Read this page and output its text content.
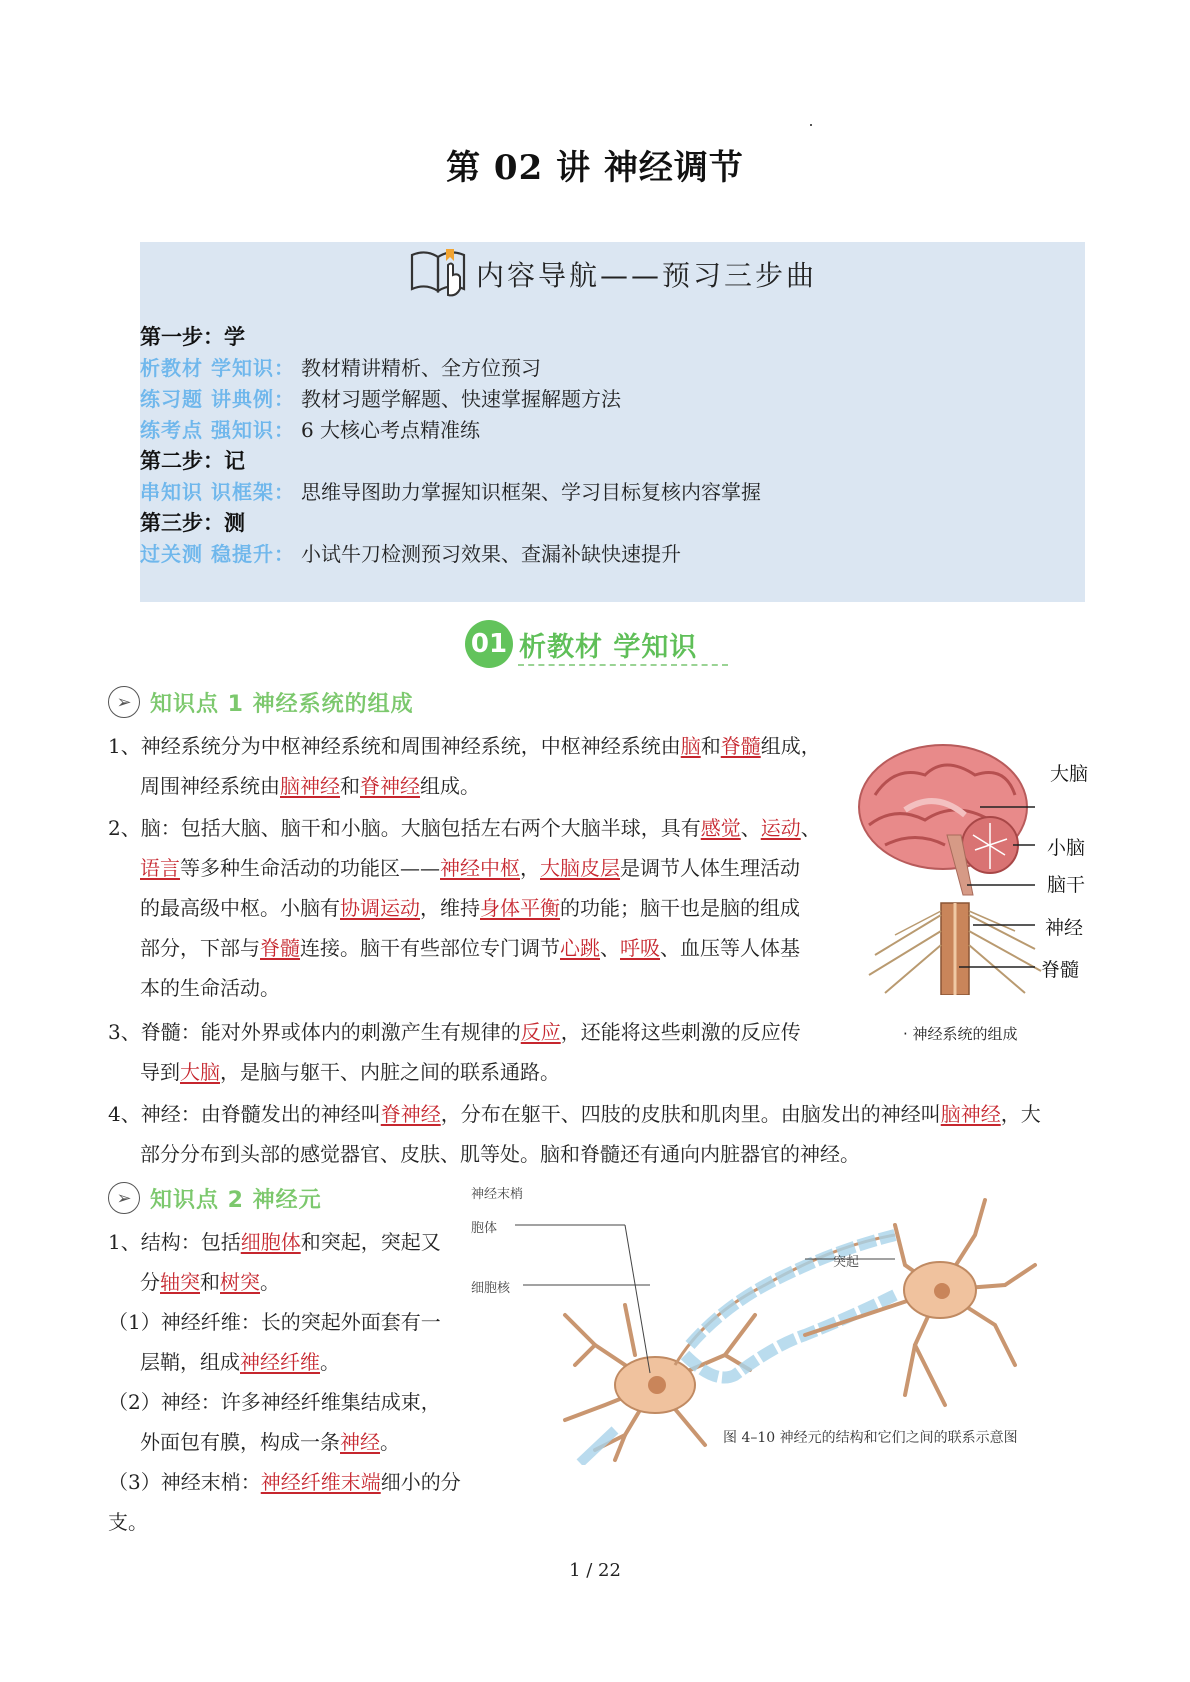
第 02 讲 神经调节
内容导航——预习三步曲
第一步：学
析教材 学知识： 教材精讲精析、全方位预习
练习题 讲典例： 教材习题学解题、快速掌握解题方法
练考点 强知识： 6 大核心考点精准练
第二步：记
串知识 识框架： 思维导图助力掌握知识框架、学习目标复核内容掌握
第三步：测
过关测 稳提升： 小试牛刀检测预习效果、查漏补缺快速提升
01 析教材 学知识
➢ 知识点 1 神经系统的组成
1、神经系统分为中枢神经系统和周围神经系统，中枢神经系统由脑和脊髓组成，
周围神经系统由脑神经和脊神经组成。
2、脑：包括大脑、脑干和小脑。大脑包括左右两个大脑半球，具有感觉、运动、
语言等多种生命活动的功能区——神经中枢，大脑皮层是调节人体生理活动
的最高级中枢。小脑有协调运动，维持身体平衡的功能；脑干也是脑的组成
部分，下部与脊髓连接。脑干有些部位专门调节心跳、呼吸、血压等人体基
本的生命活动。
3、脊髓：能对外界或体内的刺激产生有规律的反应，还能将这些刺激的反应传
导到大脑，是脑与躯干、内脏之间的联系通路。
4、神经：由脊髓发出的神经叫脊神经，分布在躯干、四肢的皮肤和肌肉里。由脑发出的神经叫脑神经，大
部分分布到头部的感觉器官、皮肤、肌等处。脑和脊髓还有通向内脏器官的神经。
大脑
小脑
脑干
神经
脊髓
· 神经系统的组成
➢ 知识点 2 神经元
1、结构：包括细胞体和突起，突起又
分轴突和树突。
（1）神经纤维：长的突起外面套有一
层鞘，组成神经纤维。
（2）神经：许多神经纤维集结成束，
外面包有膜，构成一条神经。
（3）神经末梢：神经纤维末端细小的分支。
神经末梢
胞体
细胞核
突起
图 4–10 神经元的结构和它们之间的联系示意图
1 / 22
